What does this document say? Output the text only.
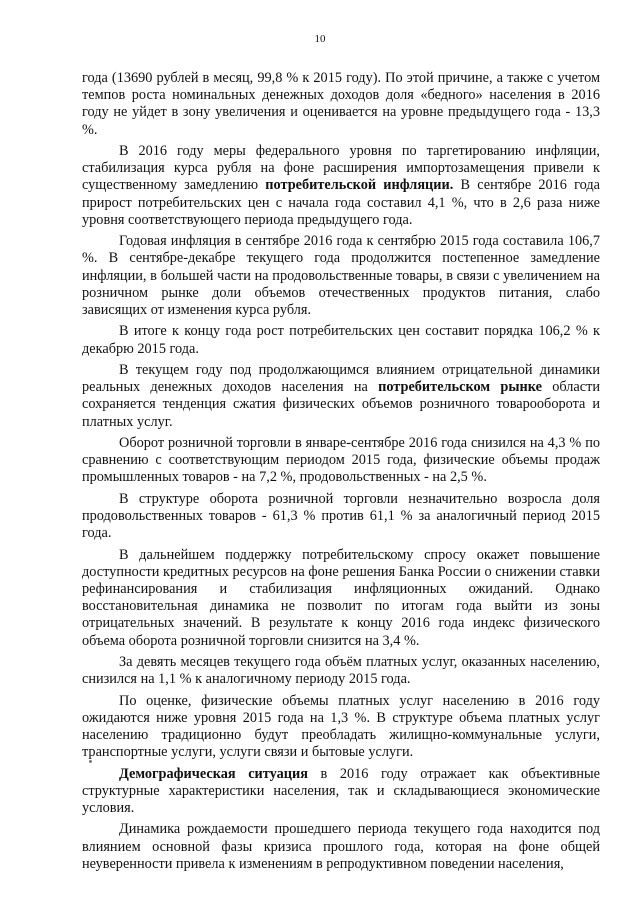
10

года (13690 рублей в месяц, 99,8 % к 2015 году). По этой причине, а также с учетом темпов роста номинальных денежных доходов доля «бедного» населения в 2016 году не уйдет в зону увеличения и оценивается на уровне предыдущего года - 13,3 %.

В 2016 году меры федерального уровня по таргетированию инфляции, стабилизация курса рубля на фоне расширения импортозамещения привели к существенному замедлению потребительской инфляции. В сентябре 2016 года прирост потребительских цен с начала года составил 4,1 %, что в 2,6 раза ниже уровня соответствующего периода предыдущего года.

Годовая инфляция в сентябре 2016 года к сентябрю 2015 года составила 106,7 %. В сентябре-декабре текущего года продолжится постепенное замедление инфляции, в большей части на продовольственные товары, в связи с увеличением на розничном рынке доли объемов отечественных продуктов питания, слабо зависящих от изменения курса рубля.

В итоге к концу года рост потребительских цен составит порядка 106,2 % к декабрю 2015 года.

В текущем году под продолжающимся влиянием отрицательной динамики реальных денежных доходов населения на потребительском рынке области сохраняется тенденция сжатия физических объемов розничного товарооборота и платных услуг.

Оборот розничной торговли в январе-сентябре 2016 года снизился на 4,3 % по сравнению с соответствующим периодом 2015 года, физические объемы продаж промышленных товаров - на 7,2 %, продовольственных - на 2,5 %.

В структуре оборота розничной торговли незначительно возросла доля продовольственных товаров - 61,3 % против 61,1 % за аналогичный период 2015 года.

В дальнейшем поддержку потребительскому спросу окажет повышение доступности кредитных ресурсов на фоне решения Банка России о снижении ставки рефинансирования и стабилизация инфляционных ожиданий. Однако восстановительная динамика не позволит по итогам года выйти из зоны отрицательных значений. В результате к концу 2016 года индекс физического объема оборота розничной торговли снизится на 3,4 %.

За девять месяцев текущего года объём платных услуг, оказанных населению, снизился на 1,1 % к аналогичному периоду 2015 года.

По оценке, физические объемы платных услуг населению в 2016 году ожидаются ниже уровня 2015 года на 1,3 %. В структуре объема платных услуг населению традиционно будут преобладать жилищно-коммунальные услуги, транспортные услуги, услуги связи и бытовые услуги.

Демографическая ситуация в 2016 году отражает как объективные структурные характеристики населения, так и складывающиеся экономические условия.

Динамика рождаемости прошедшего периода текущего года находится под влиянием основной фазы кризиса прошлого года, которая на фоне общей неуверенности привела к изменениям в репродуктивном поведении населения,
